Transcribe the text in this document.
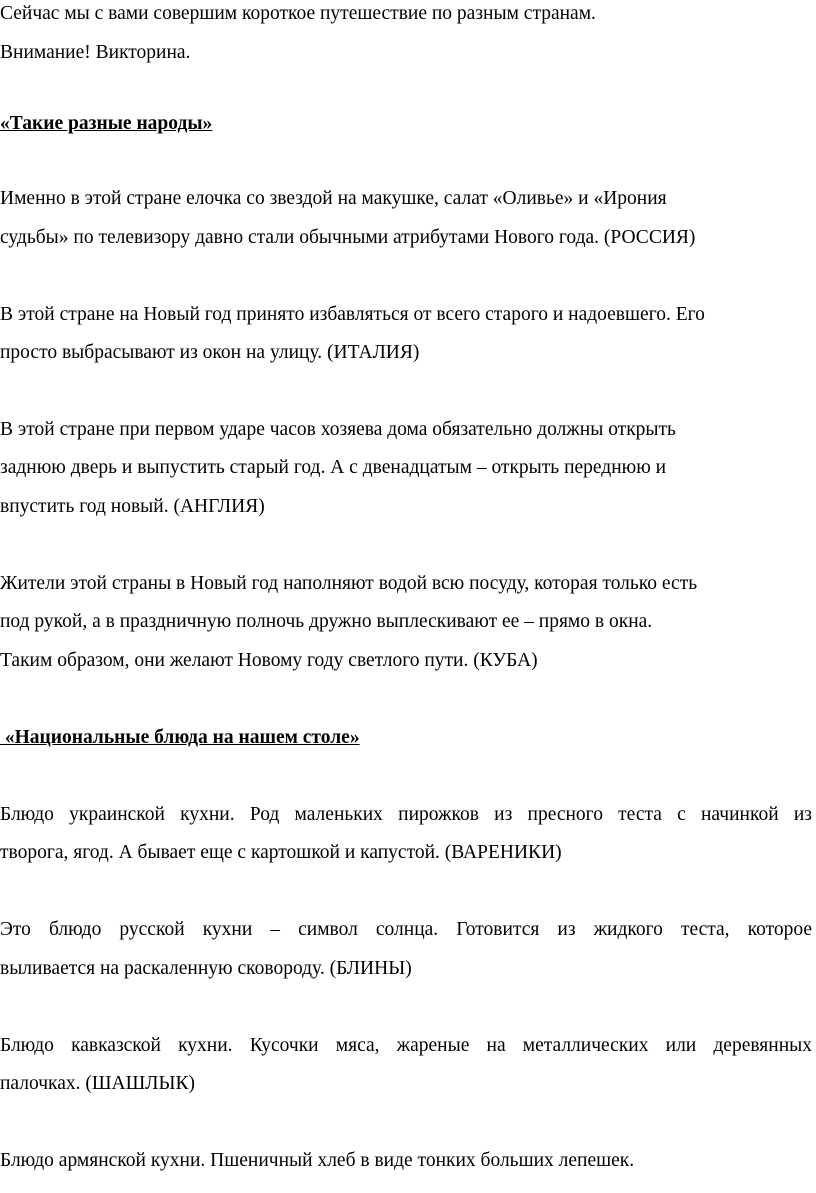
Сейчас мы с вами совершим короткое путешествие по разным странам.
Внимание! Викторина.
«Такие разные народы»
Именно в этой стране елочка со звездой на макушке, салат «Оливье» и «Ирония
судьбы» по телевизору давно стали обычными атрибутами Нового года. (РОССИЯ)
В этой стране на Новый год принято избавляться от всего старого и надоевшего. Его
просто выбрасывают из окон на улицу. (ИТАЛИЯ)
В этой стране при первом ударе часов хозяева дома обязательно должны открыть
заднюю дверь и выпустить старый год. А с двенадцатым – открыть переднюю и
впустить год новый. (АНГЛИЯ)
Жители этой страны в Новый год наполняют водой всю посуду, которая только есть
под рукой, а в праздничную полночь дружно выплескивают ее – прямо в окна.
Таким образом, они желают Новому году светлого пути. (КУБА)
«Национальные блюда на нашем столе»
Блюдо украинской кухни. Род маленьких пирожков из пресного теста с начинкой из
творога, ягод. А бывает еще с картошкой и капустой. (ВАРЕНИКИ)
Это блюдо русской кухни – символ солнца. Готовится из жидкого теста, которое
выливается на раскаленную сковороду. (БЛИНЫ)
Блюдо кавказской кухни. Кусочки мяса, жареные на металлических или деревянных
палочках. (ШАШЛЫК)
Блюдо армянской кухни. Пшеничный хлеб в виде тонких больших лепешек.
